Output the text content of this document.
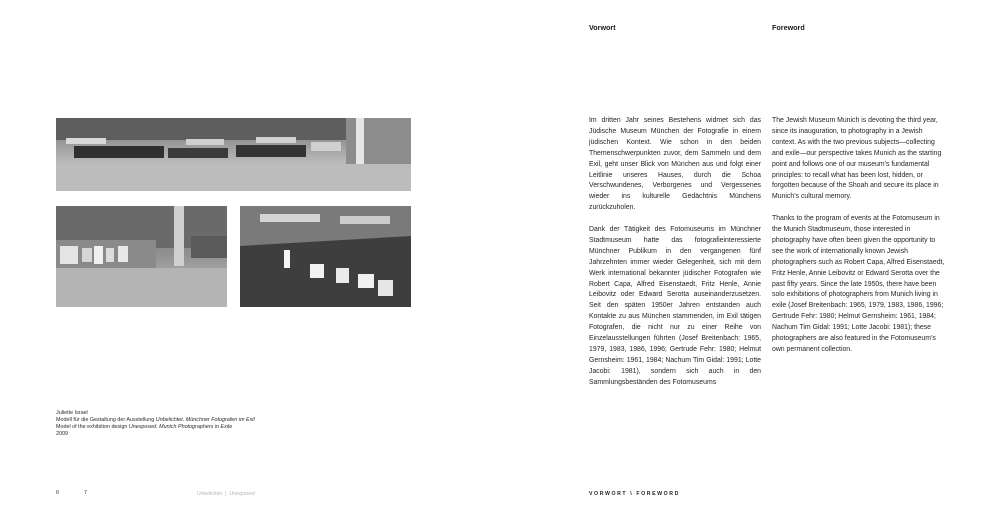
Juliette Israel
Modell für die Gestaltung der Ausstellung Unbelichtet. Münchner Fotografen im Exil
Model of the exhibition design Unexposed. Munich Photographers in Exile
2009
6	7	Unbelichtet | Unexposed
Vorwort	Foreword

Im dritten Jahr seines Bestehens widmet sich das Jüdische Museum München der Fotografie in einem jüdischen Kontext. Wie schon in den beiden Themenschwerpunkten zuvor, dem Sammeln und dem Exil, geht unser Blick von München aus und folgt einer Leitlinie unseres Hauses, durch die Schoa Verschwundenes, Verborgenes und Vergessenes wieder ins kulturelle Gedächtnis Münchens zurückzuholen.

Dank der Tätigkeit des Fotomuseums im Münchner Stadtmuseum hatte das fotografieinteressierte Münchner Publikum in den vergangenen fünf Jahrzehnten immer wieder Gelegenheit, sich mit dem Werk international bekannter jüdischer Fotografen wie Robert Capa, Alfred Eisenstaedt, Fritz Henle, Annie Leibovitz oder Edward Serotta auseinanderzusetzen. Seit den späten 1950er Jahren entstanden auch Kontakte zu aus München stammenden, im Exil tätigen Fotografen, die nicht nur zu einer Reihe von Einzelausstellungen führten (Josef Breitenbach: 1965, 1979, 1983, 1986, 1996; Gertrude Fehr: 1980; Helmut Gernsheim: 1961, 1984; Nachum Tim Gidal: 1991; Lotte Jacobi: 1981), sondern sich auch in den Sammlungsbeständen des Fotomuseums

The Jewish Museum Munich is devoting the third year, since its inauguration, to photography in a Jewish context. As with the two previous subjects—collecting and exile—our perspective takes Munich as the starting point and follows one of our museum’s fundamental principles: to recall what has been lost, hidden, or forgotten because of the Shoah and secure its place in Munich’s cultural memory.

Thanks to the program of events at the Fotomuseum in the Munich Stadtmuseum, those interested in photography have often been given the opportunity to see the work of internationally known Jewish photographers such as Robert Capa, Alfred Eisenstaedt, Fritz Henle, Annie Leibovitz or Edward Serotta over the past fifty years. Since the late 1950s, there have been solo exhibitions of photographers from Munich living in exile (Josef Breitenbach: 1965, 1979, 1983, 1986, 1996; Gertrude Fehr: 1980; Helmut Gernsheim: 1961, 1984; Nachum Tim Gidal: 1991; Lotte Jacobi: 1981); these photographers are also featured in the Fotomuseum’s own permanent collection.

VORWORT \ FOREWORD
